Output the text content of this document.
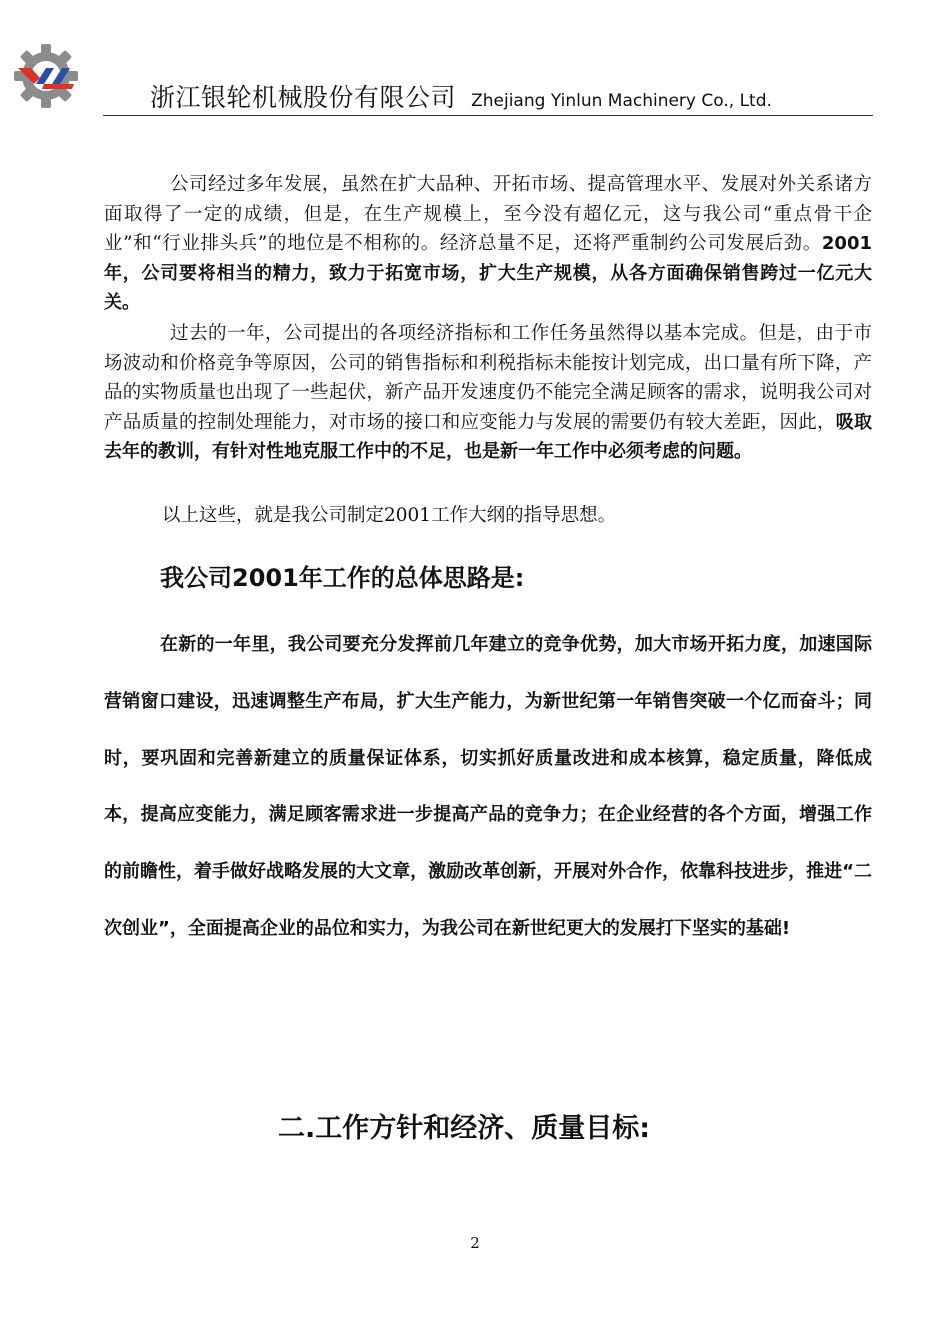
浙江银轮机械股份有限公司 Zhejiang Yinlun Machinery Co., Ltd.
公司经过多年发展，虽然在扩大品种、开拓市场、提高管理水平、发展对外关系诸方面取得了一定的成绩，但是，在生产规模上，至今没有超亿元，这与我公司“重点骨干企业”和“行业排头兵”的地位是不相称的。经济总量不足，还将严重制约公司发展后劲。2001年，公司要将相当的精力，致力于拓宽市场，扩大生产规模，从各方面确保销售跨过一亿元大关。
过去的一年，公司提出的各项经济指标和工作任务虽然得以基本完成。但是，由于市场波动和价格竞争等原因，公司的销售指标和利税指标未能按计划完成，出口量有所下降，产品的实物质量也出现了一些起伏，新产品开发速度仍不能完全满足顾客的需求，说明我公司对产品质量的控制处理能力，对市场的接口和应变能力与发展的需要仍有较大差距，因此，吸取去年的教训，有针对性地克服工作中的不足，也是新一年工作中必须考虑的问题。
以上这些，就是我公司制定2001工作大纲的指导思想。
我公司2001年工作的总体思路是:
在新的一年里，我公司要充分发挥前几年建立的竞争优势，加大市场开拓力度，加速国际营销窗口建设，迅速调整生产布局，扩大生产能力，为新世纪第一年销售突破一个亿而奋斗；同时，要巩固和完善新建立的质量保证体系，切实抓好质量改进和成本核算，稳定质量，降低成本，提高应变能力，满足顾客需求进一步提高产品的竞争力；在企业经营的各个方面，增强工作的前瞻性，着手做好战略发展的大文章，激励改革创新，开展对外合作，依靠科技进步，推进“二次创业”，全面提高企业的品位和实力，为我公司在新世纪更大的发展打下坚实的基础!
二.工作方针和经济、质量目标:
2
